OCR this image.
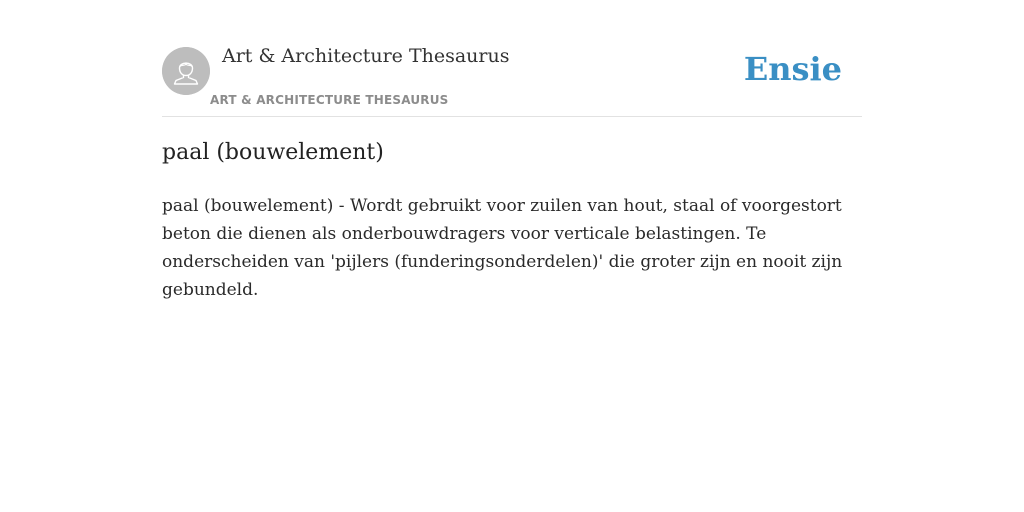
Art & Architecture Thesaurus
ART & ARCHITECTURE THESAURUS
Ensie
paal (bouwelement)

paal (bouwelement) - Wordt gebruikt voor zuilen van hout, staal of voorgestort beton die dienen als onderbouwdragers voor verticale belastingen. Te onderscheiden van 'pijlers (funderingsonderdelen)' die groter zijn en nooit zijn gebundeld.
